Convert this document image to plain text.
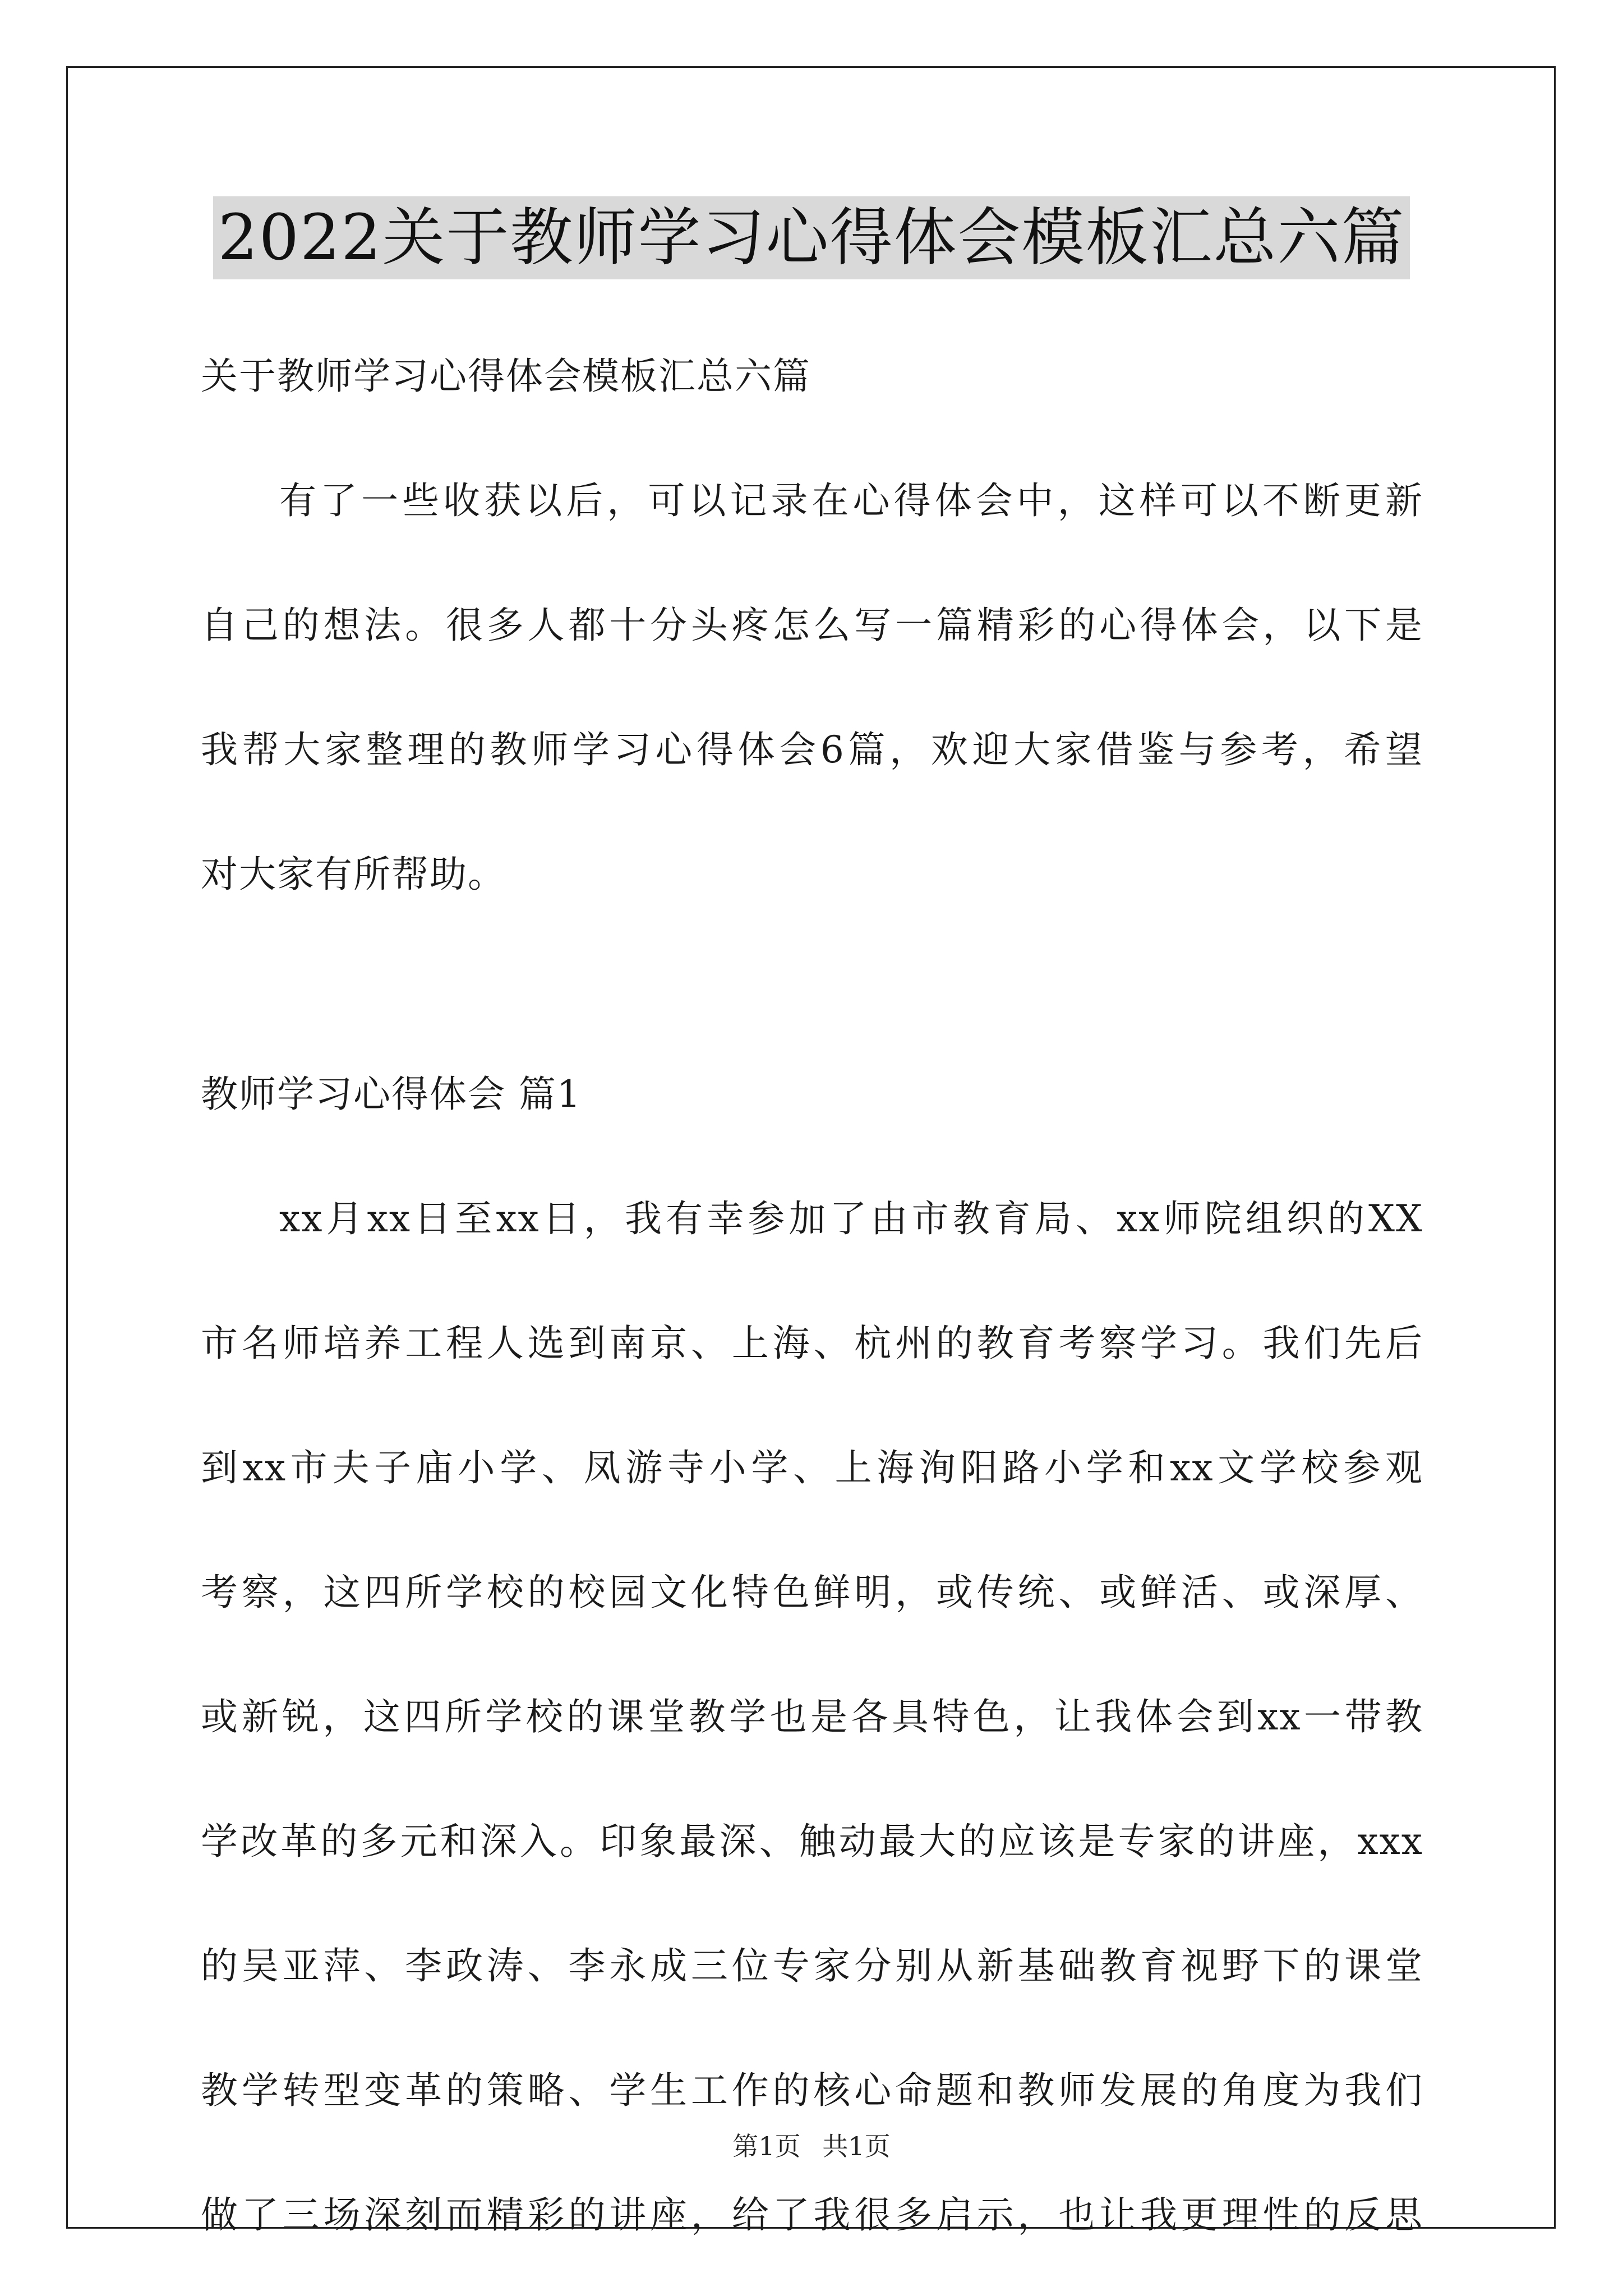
2022关于教师学习心得体会模板汇总六篇
关于教师学习心得体会模板汇总六篇
有了一些收获以后，可以记录在心得体会中，这样可以不断更新
自己的想法。很多人都十分头疼怎么写一篇精彩的心得体会，以下是
我帮大家整理的教师学习心得体会6篇，欢迎大家借鉴与参考，希望
对大家有所帮助。
教师学习心得体会 篇1
xx月xx日至xx日，我有幸参加了由市教育局、xx师院组织的XX
市名师培养工程人选到南京、上海、杭州的教育考察学习。我们先后
到xx市夫子庙小学、凤游寺小学、上海洵阳路小学和xx文学校参观
考察，这四所学校的校园文化特色鲜明，或传统、或鲜活、或深厚、
或新锐，这四所学校的课堂教学也是各具特色，让我体会到xx一带教
学改革的多元和深入。印象最深、触动最大的应该是专家的讲座，xxx
的吴亚萍、李政涛、李永成三位专家分别从新基础教育视野下的课堂
教学转型变革的策略、学生工作的核心命题和教师发展的角度为我们
做了三场深刻而精彩的讲座，给了我很多启示，也让我更理性的反思
第1页 共1页
